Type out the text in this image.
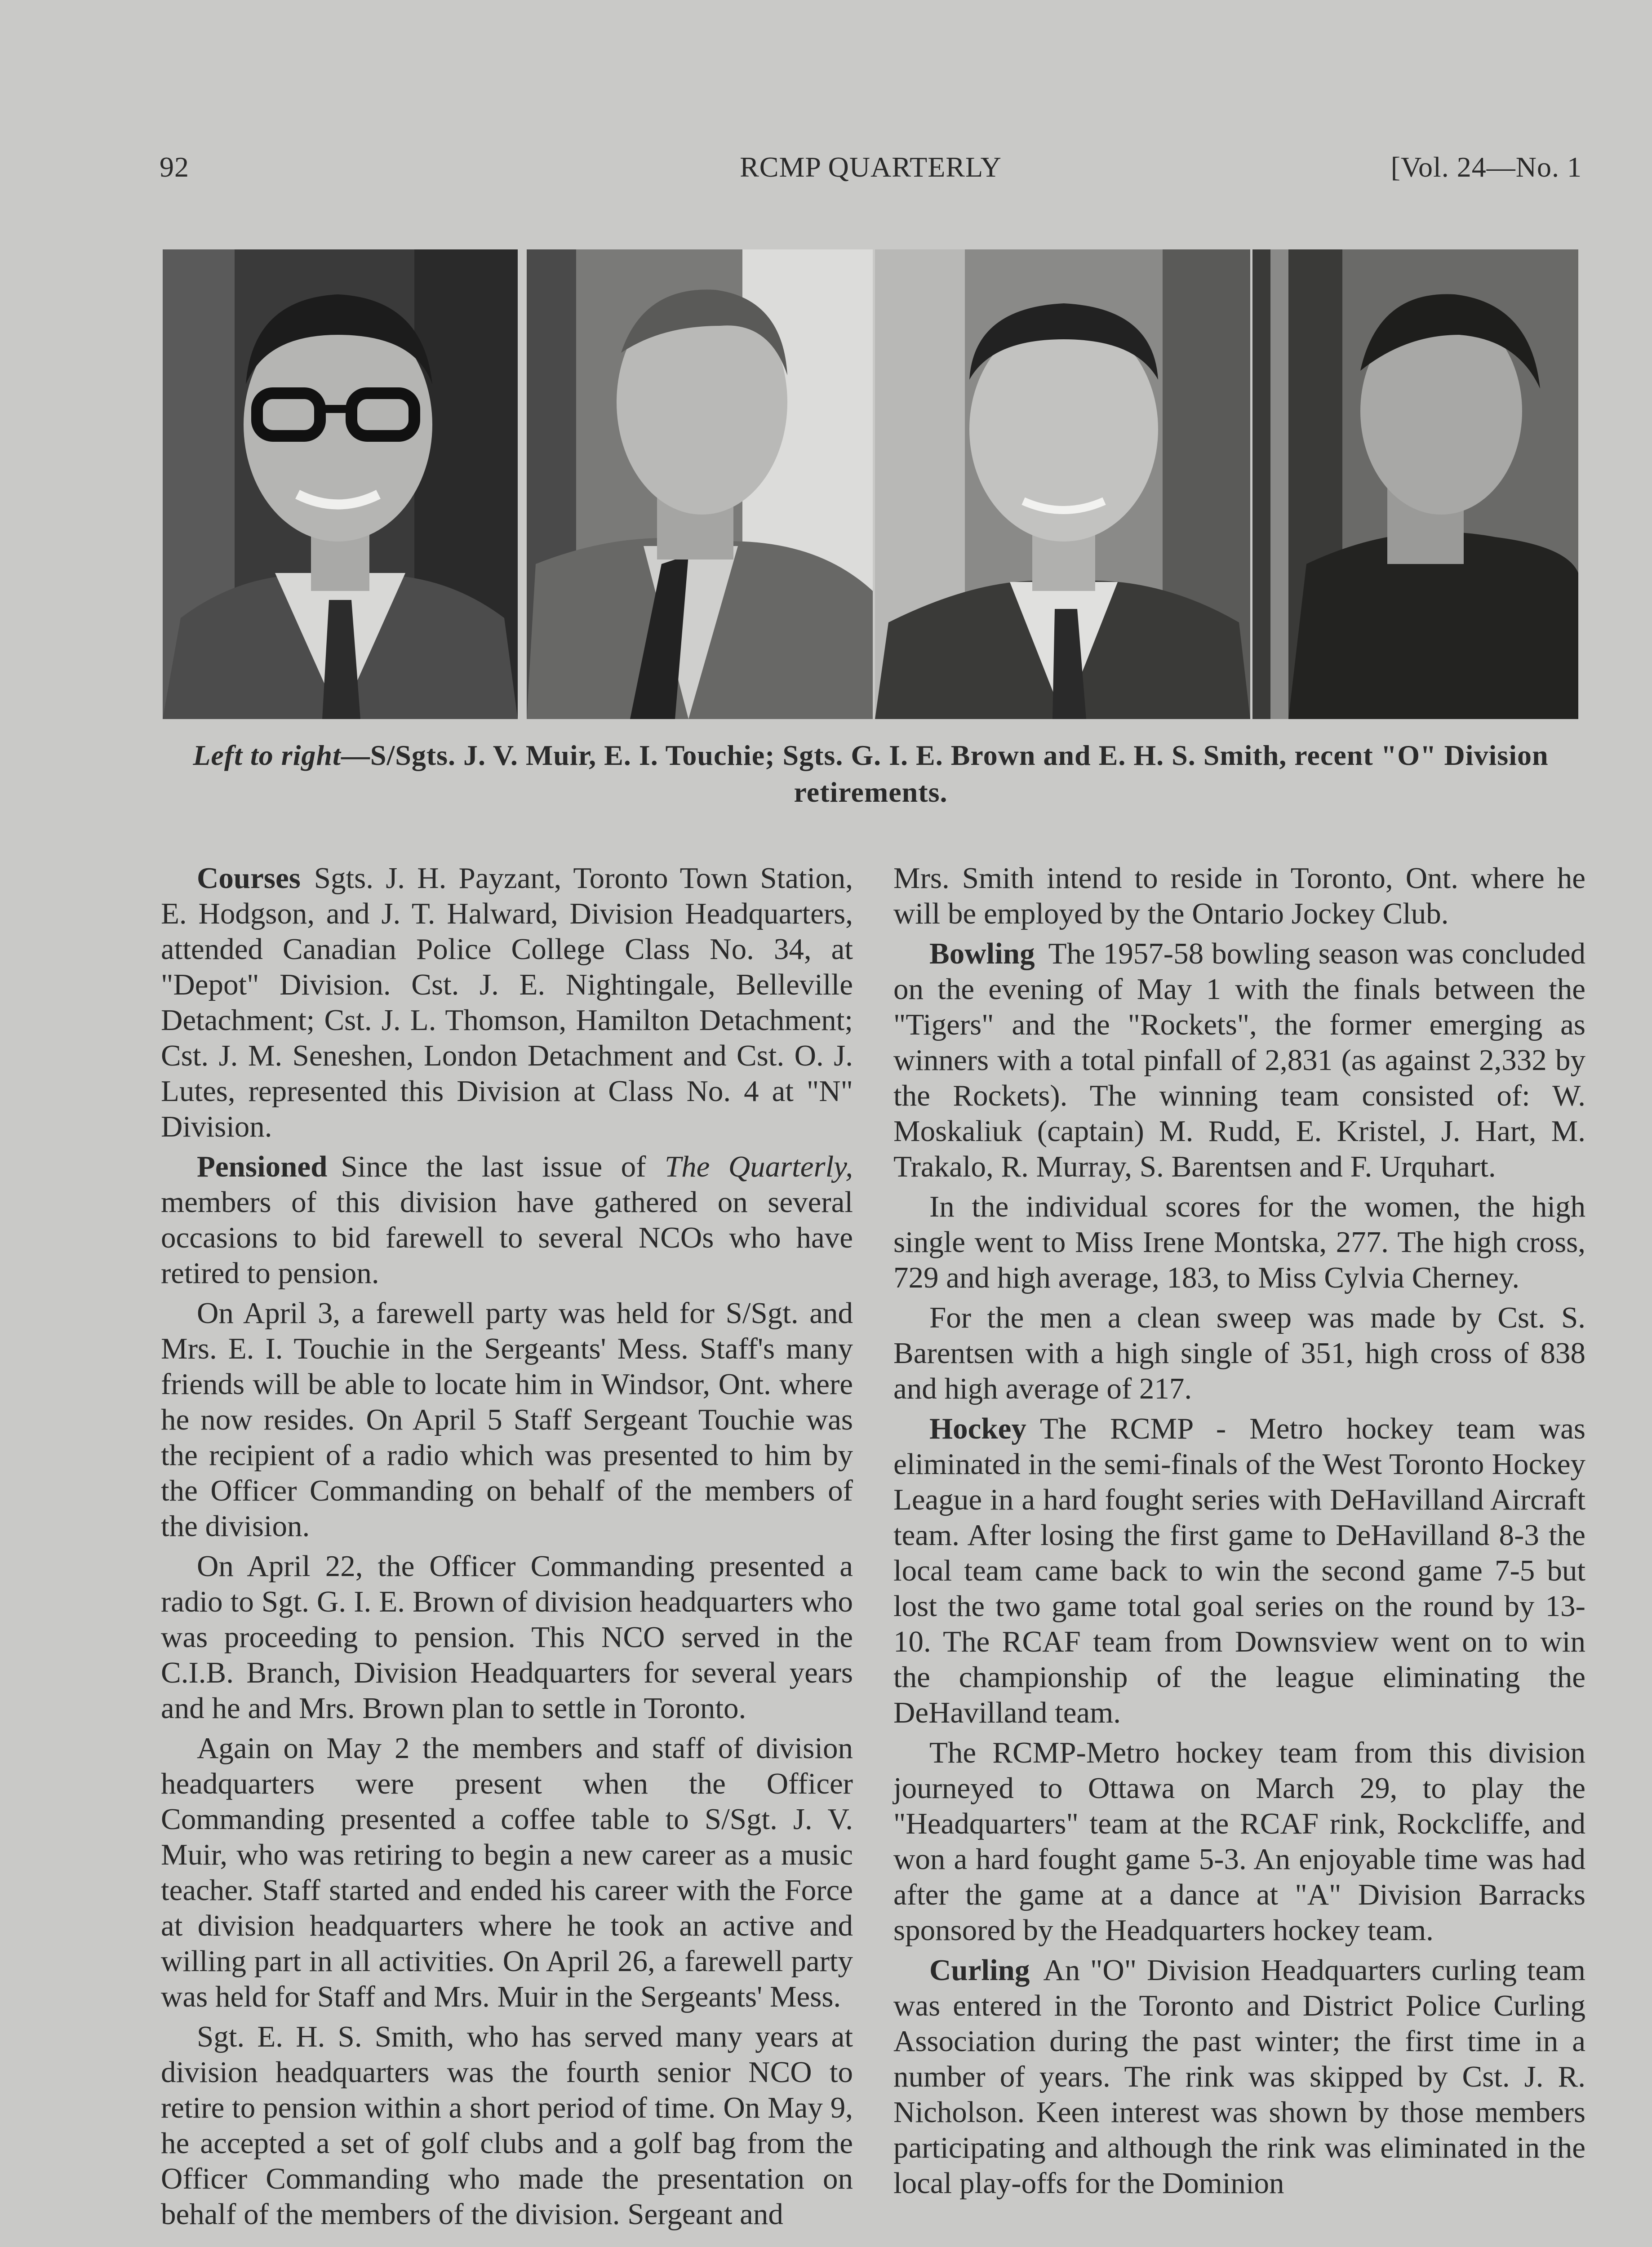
92	RCMP QUARTERLY	[Vol. 24—No. 1
Left to right—S/Sgts. J. V. Muir, E. I. Touchie; Sgts. G. I. E. Brown and E. H. S. Smith, recent "O" Division retirements.

Courses Sgts. J. H. Payzant, Toronto Town Station, E. Hodgson, and J. T. Halward, Division Headquarters, attended Canadian Police College Class No. 34, at "Depot" Division. Cst. J. E. Nightingale, Belleville Detachment; Cst. J. L. Thomson, Hamilton Detachment; Cst. J. M. Seneshen, London Detachment and Cst. O. J. Lutes, represented this Division at Class No. 4 at "N" Division.

Pensioned Since the last issue of The Quarterly, members of this division have gathered on several occasions to bid farewell to several NCOs who have retired to pension.

On April 3, a farewell party was held for S/Sgt. and Mrs. E. I. Touchie in the Sergeants' Mess. Staff's many friends will be able to locate him in Windsor, Ont. where he now resides. On April 5 Staff Sergeant Touchie was the recipient of a radio which was presented to him by the Officer Commanding on behalf of the members of the division.

On April 22, the Officer Commanding presented a radio to Sgt. G. I. E. Brown of division headquarters who was proceeding to pension. This NCO served in the C.I.B. Branch, Division Headquarters for several years and he and Mrs. Brown plan to settle in Toronto.

Again on May 2 the members and staff of division headquarters were present when the Officer Commanding presented a coffee table to S/Sgt. J. V. Muir, who was retiring to begin a new career as a music teacher. Staff started and ended his career with the Force at division headquarters where he took an active and willing part in all activities. On April 26, a farewell party was held for Staff and Mrs. Muir in the Sergeants' Mess.

Sgt. E. H. S. Smith, who has served many years at division headquarters was the fourth senior NCO to retire to pension within a short period of time. On May 9, he accepted a set of golf clubs and a golf bag from the Officer Commanding who made the presentation on behalf of the members of the division. Sergeant and

Mrs. Smith intend to reside in Toronto, Ont. where he will be employed by the Ontario Jockey Club.

Bowling The 1957-58 bowling season was concluded on the evening of May 1 with the finals between the "Tigers" and the "Rockets", the former emerging as winners with a total pinfall of 2,831 (as against 2,332 by the Rockets). The winning team consisted of: W. Moskaliuk (captain) M. Rudd, E. Kristel, J. Hart, M. Trakalo, R. Murray, S. Barentsen and F. Urquhart.

In the individual scores for the women, the high single went to Miss Irene Montska, 277. The high cross, 729 and high average, 183, to Miss Cylvia Cherney.

For the men a clean sweep was made by Cst. S. Barentsen with a high single of 351, high cross of 838 and high average of 217.

Hockey The RCMP - Metro hockey team was eliminated in the semi-finals of the West Toronto Hockey League in a hard fought series with DeHavilland Aircraft team. After losing the first game to DeHavilland 8-3 the local team came back to win the second game 7-5 but lost the two game total goal series on the round by 13-10. The RCAF team from Downsview went on to win the championship of the league eliminating the DeHavilland team.

The RCMP-Metro hockey team from this division journeyed to Ottawa on March 29, to play the "Headquarters" team at the RCAF rink, Rockcliffe, and won a hard fought game 5-3. An enjoyable time was had after the game at a dance at "A" Division Barracks sponsored by the Headquarters hockey team.

Curling An "O" Division Headquarters curling team was entered in the Toronto and District Police Curling Association during the past winter; the first time in a number of years. The rink was skipped by Cst. J. R. Nicholson. Keen interest was shown by those members participating and although the rink was eliminated in the local play-offs for the Dominion
